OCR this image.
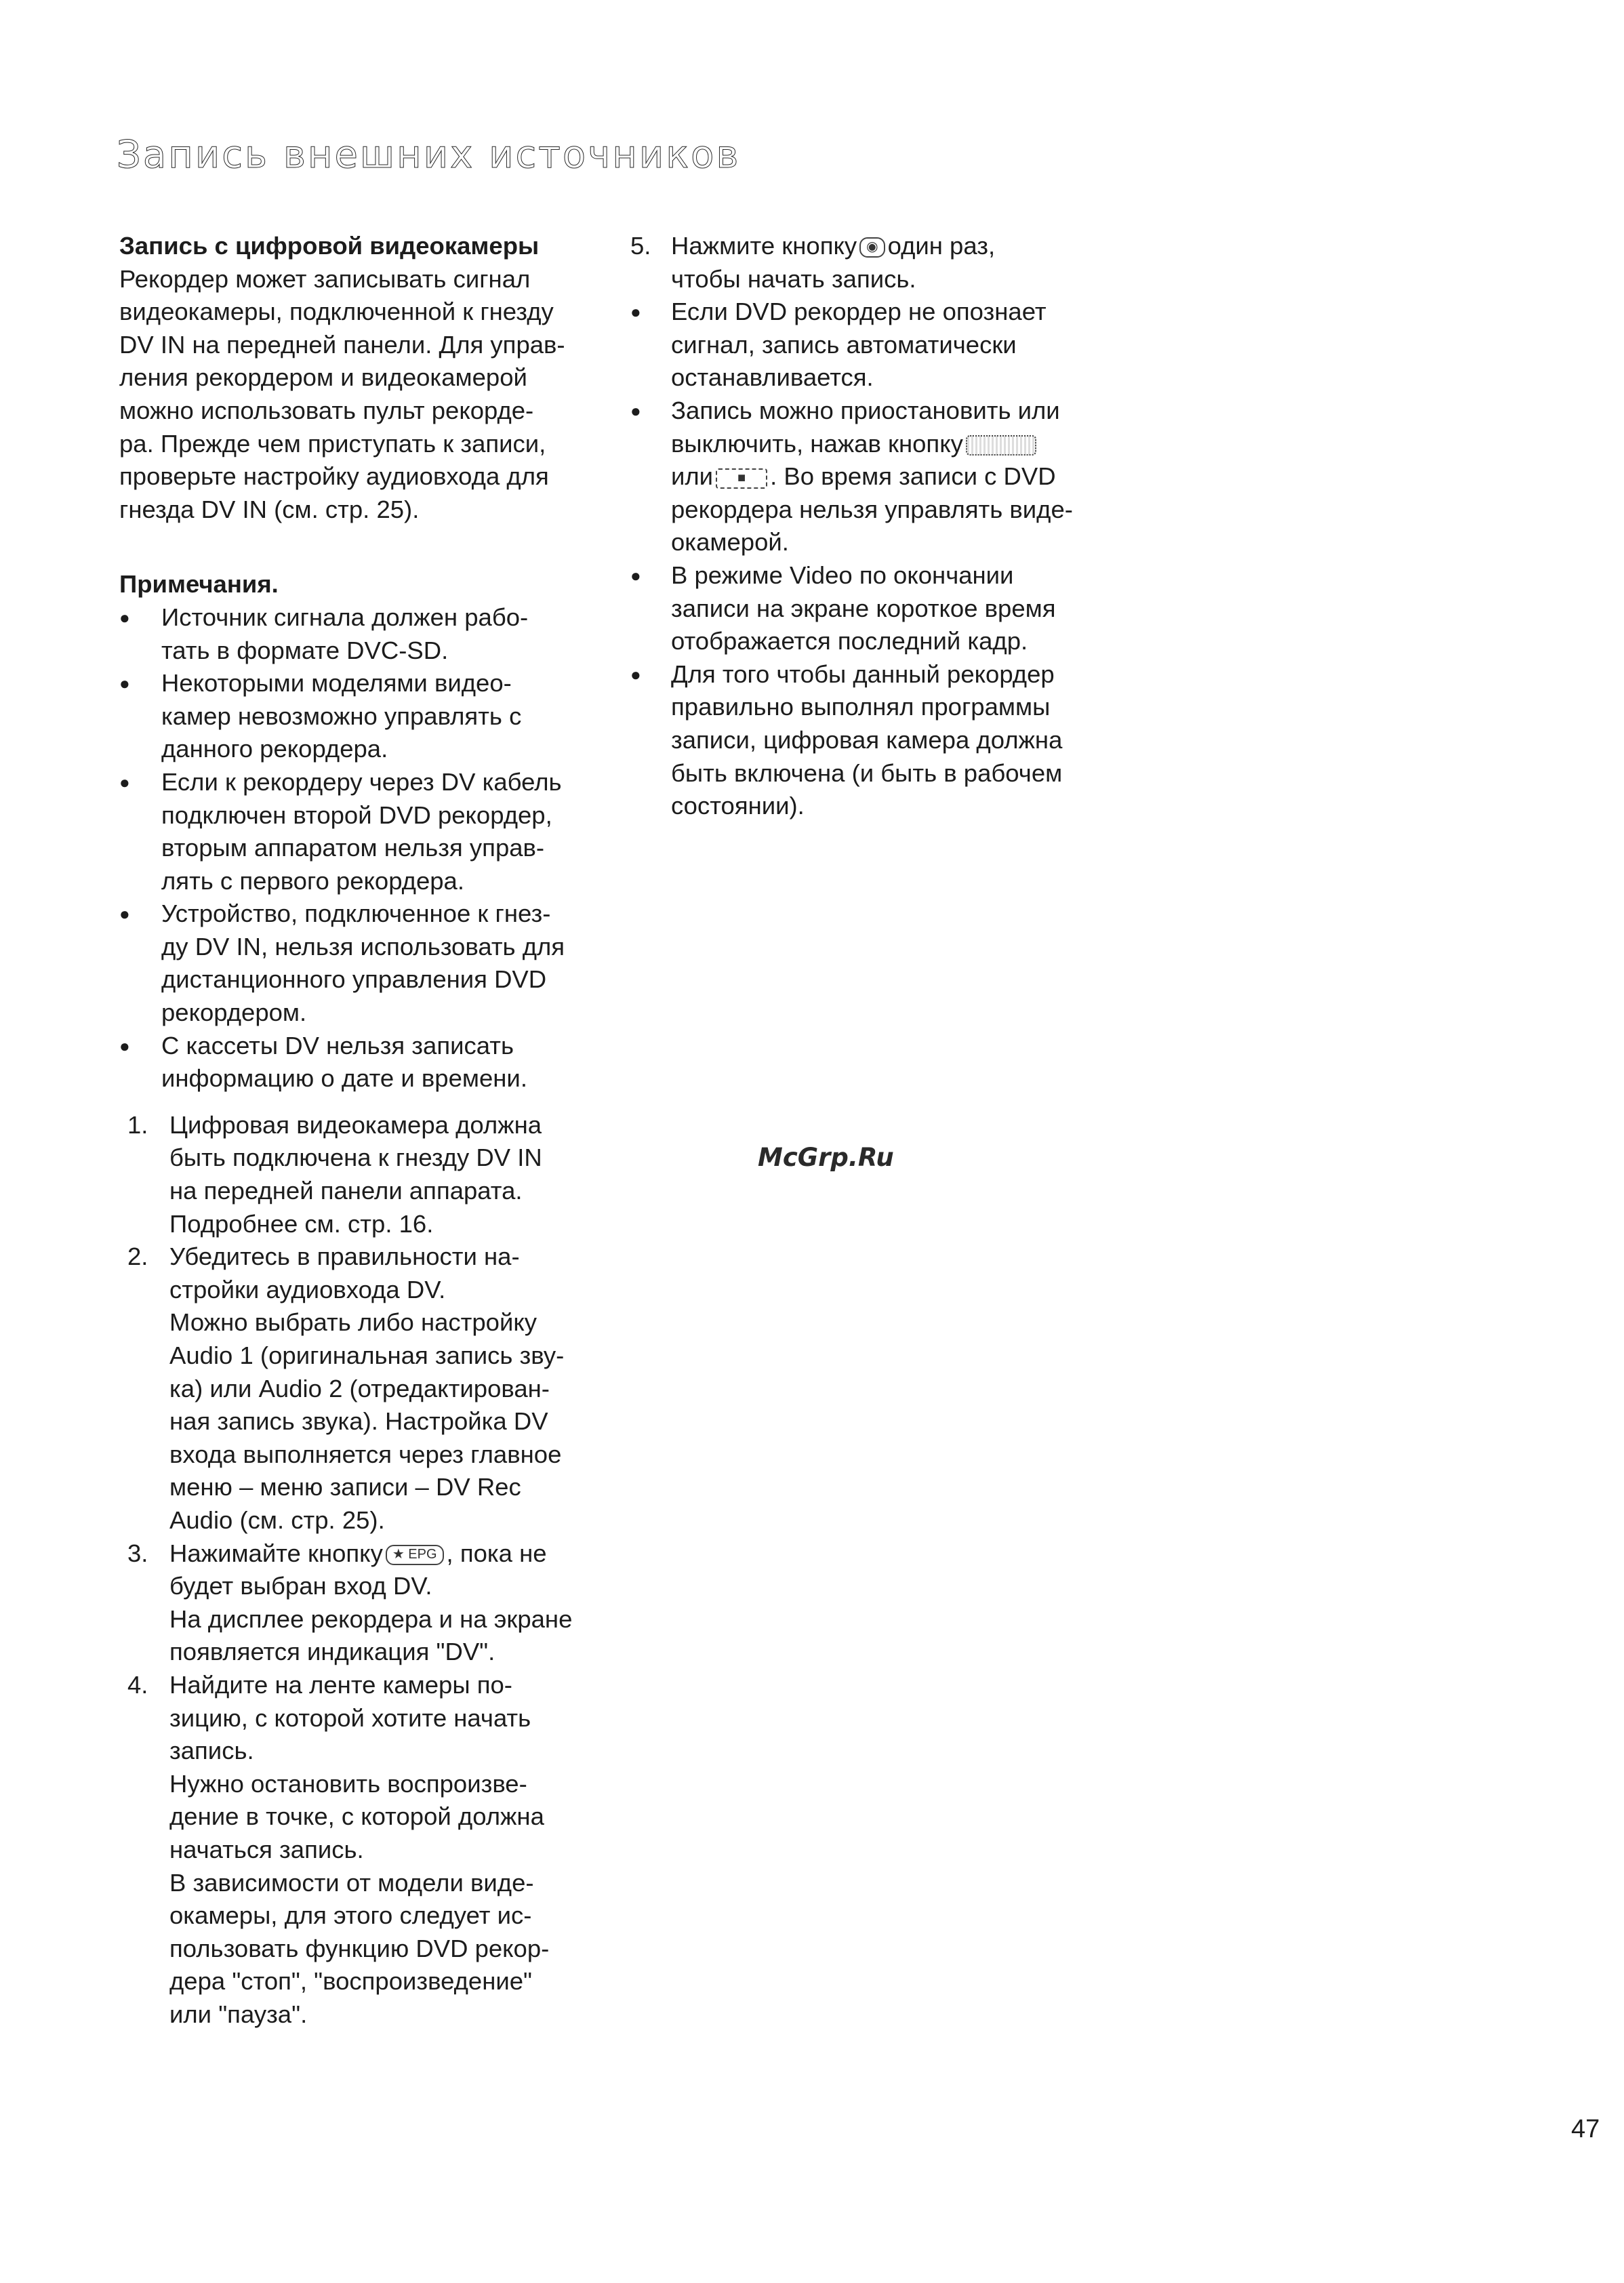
Запись внешних источников
Запись с цифровой видеокамеры
Рекордер может записывать сигнал
видеокамеры, подключенной к гнезду
DV IN на передней панели. Для управ-
ления рекордером и видеокамерой
можно использовать пульт рекорде-
ра. Прежде чем приступать к записи,
проверьте настройку аудиовхода для
гнезда DV IN (см. стр. 25).
Примечания.
●	Источник сигнала должен рабо-
тать в формате DVC-SD.
●	Некоторыми моделями видео-
камер невозможно управлять с
данного рекордера.
●	Если к рекордеру через DV кабель
подключен второй DVD рекордер,
вторым аппаратом нельзя управ-
лять с первого рекордера.
●	Устройство, подключенное к гнез-
ду DV IN, нельзя использовать для
дистанционного управления DVD
рекордером.
●	С кассеты DV нельзя записать
информацию о дате и времени.
1. Цифровая видеокамера должна
быть подключена к гнезду DV IN
на передней панели аппарата.
Подробнее см. стр. 16.
2. Убедитесь в правильности на-
стройки аудиовхода DV.
Можно выбрать либо настройку
Audio 1 (оригинальная запись зву-
ка) или Audio 2 (отредактирован-
ная запись звука). Настройка DV
входа выполняется через главное
меню – меню записи – DV Rec
Audio (см. стр. 25).
3. Нажимайте кнопку ★ EPG , пока не
будет выбран вход DV.
На дисплее рекордера и на экране
появляется индикация "DV".
4. Найдите на ленте камеры по-
зицию, с которой хотите начать
запись.
Нужно остановить воспроизве-
дение в точке, с которой должна
начаться запись.
В зависимости от модели виде-
окамеры, для этого следует ис-
пользовать функцию DVD рекор-
дера "стоп", "воспроизведение"
или "пауза".
5. Нажмите кнопку ◉ один раз,
чтобы начать запись.
●	Если DVD рекордер не опознает
сигнал, запись автоматически
останавливается.
●	Запись можно приостановить или
выключить, нажав кнопку
или ■ . Во время записи с DVD
рекордера нельзя управлять виде-
окамерой.
●	В режиме Video по окончании
записи на экране короткое время
отображается последний кадр.
●	Для того чтобы данный рекордер
правильно выполнял программы
записи, цифровая камера должна
быть включена (и быть в рабочем
состоянии).
McGrp.Ru
47
